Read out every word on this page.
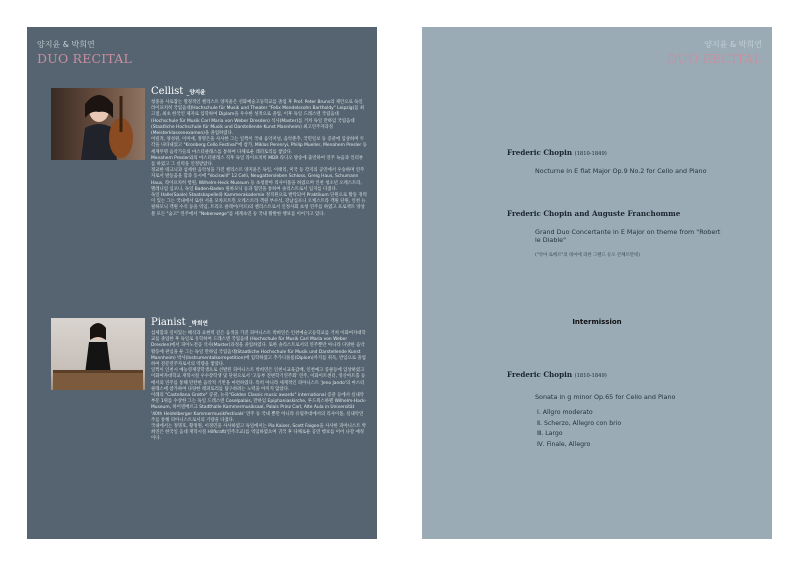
양지윤 & 박희연
DUO RECITAL
Cellist _양지윤
청중을 사로잡는 열정적인 첼리스트 양지윤은 선화예술고등학교를 졸업 후 Prof. Peter Bruns의 제안으로 독일 라이프치히 국립음대(Hochschule für Musik und Theater "Felix Mendelssohn Bartholdy" Leipzig)를 최고점, 최초 한국인 제자로 입학하여 Diplom을 우수한 성적으로 졸업, 이후 독일 드레스덴 국립음대 (Hochschule für Musik Carl Maria von Weber Dresden) 석사(Master)를 거쳐 독일 만하임 국립음대(Staatliche Hochschule für Musik und Darstellende Kunst Mannheim) 최고연주자과정(Meisterklassenexamen)을 졸업하였다.
어릴적, 양성원, 이미애, 정명은을 사사한 그는 일찍이 국내 음악저널, 음악춘추, 국민일보 등 콩쿨에 입상하며 두각을 나타내었고 "Kronberg Cello Festival"에 참가, Miklos Perenryi, Philip Mueller, Menahem Presler 등 세계무명 음악가들의 마스터클래스를 통하여 다채로운 레퍼토리를 쌓았다.
Menahem Presler와의 마스터클래스 직후 독일 라이프치히 MDR 라디오 방송에 출연하여 연주 녹음과 인터뷰를 하였고 그 실력을 인정받았다.
정교한 테크닉과 섬세한 음악성을 가진 첼리스트 양지윤은 독일, 이태리, 미국 등 각지의 공연에서 우승하며 연주자로서 발돋움을 함과 동시에 "Vociswill" 12 Celli, Neugattersleben Schloss, Greig Haus, Schumann Haus, 라이프치히 항원, Wilhelm-Heck Museum 등 초청받아 리사이틀을 하였으며 인천 청소년 오케스트라, 멜레니엄 심포니, 독일 Baden-Baden 필하모닉 등과 협연을 통하여 솔리스트로서 입지를 다졌다.
독일 Halle(Saale) Staatskapelle와 Kammerakademie 정직원으로 발탁되어 Praktikum 단원으로 활동 경력이 있는 그는 국내에서 또한 서울 모차르트윈 오케스트라 객원 부수석, 강남심포니 오케스트라 객원 단원, 인천 뉴필하모닉 객원 수석 등을 역임, 트리오 클래어(미르)의 첼리스트로서 인정사회 초청 연주를 하였고 프로젝트 앙상블 모든 "숨고" 연주에서 "Nebenwege"를 세계초연 등 국내 활발한 행보를 이어가고 있다.
Pianist _박희연
섬세함과 깊이있는 해석과 표현력 깊은 음색을 가진 피아니스트 박희연은 인천예술고등학교를 거쳐 이화여자대학교를 졸업한 후 독일로 유학하여 드레스덴 국립음대 (Hochschule für Musik Carl Maria von Weber Dresden)에서 피아노전공 석사(Master)과정을 졸업하였다. 또한 솔리스트로서의 연주뿐만 아니라 다양한 음악활동에 관심을 둔 그는 독일 만하임 국립음대(Staatliche Hochschule für Musik und Darstellende Kunst Mannheim) 박사(Instrumentalkorrepetition)에 입학하였고 추가디플롬(Diplom)까지를 취득, 반입으로 졸업하여 전문연주자로서의 역량을 쌓았다.
일찍이 인천시 예능영재장학생으로 선발된 피아니스트 박희연은 인천시교육감배, 인천예고 콩클등에 입상하였고 이화여자대학교 재학시절 우수장학생 및 단원으로서 '고등부 진변학기연주회' 연주, 이화이트센터, 영산아트홀 등에서의 연주를 통해 탄탄한 음악적 기반을 마련하였다. 특히 아니라 세계적인 피아니스트 'Jeno Jando'의 마스터클래스에 참가하여 다양한 레퍼토리를 탐구하려는 노력을 아끼지 않았다.
이례의 "Castellana Grotte" 콩쿨, 뉴욕"Golden Classic music awards" international 콩쿨 등에서 실내악부문 1위를 수상한 그는 독일 드레스덴 Coselpalais, 만하임 Epiphaniaskirche, 루드윅스하펜 Wilhelm-Hack-Museum, 하이델베르크 Stadthalle Kammermusiksaal, Palais Prinz Carl, Alte Aula in Universität '40th Heidelberger Kammermusikfestivals' 연주 등 국내 뿐만 아니라 유럽무대에서의 리사이틀, 실내악연주를 통해 피아니스트로서의 기량을 다졌다.
국내에서는 정명호, 황정원, 이경민을 사사하였고 독일에서는 Pia Kaiser, Scott Faigen을 사사한 피아니스트 박희연은 한국일 음대 재학시절 Hilfkraft(연주조교)를 역임하였으며 귀국 후 다채로운 공연 행보를 이어 나갈 예정이다.
양지윤 & 박희연
DUO RECITAL
Frederic Chopin (1810-1849)
Nocturne in E flat Major Op.9 No.2 for Cello and Piano
Frederic Chopin and Auguste Franchomme
Grand Duo Concertante in E Major on theme from "Robert le Diable"
("악마 로베르"의 테마에 의한 그랜드 듀오 콘체르탄테)
Intermission
Frederic Chopin (1810-1849)
Sonata in g minor Op.65 for Cello and Piano
Ⅰ. Allgro moderato
Ⅱ. Scherzo, Allegro con brio
Ⅲ. Largo
Ⅳ. Finale, Allegro
